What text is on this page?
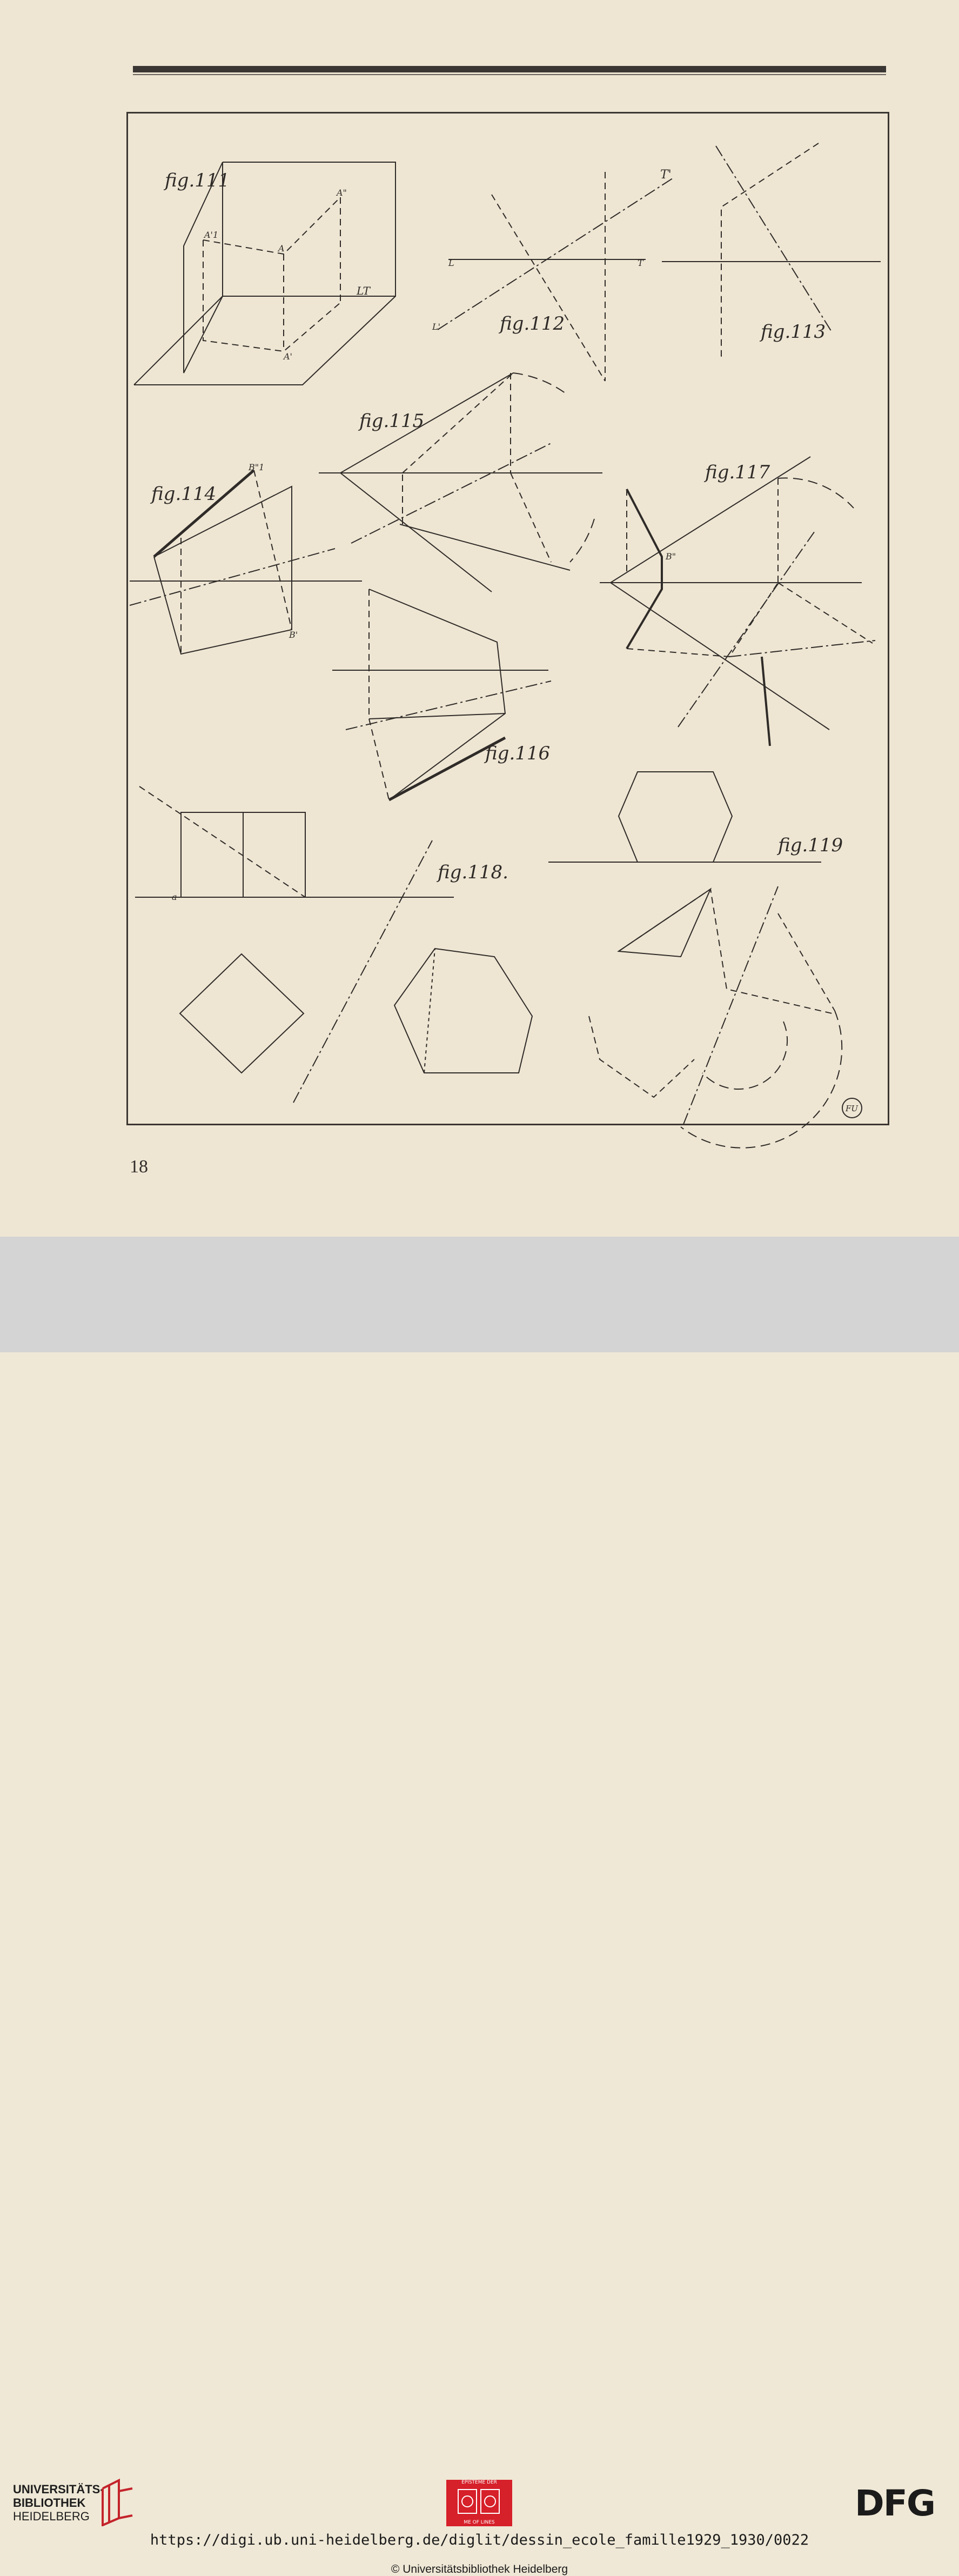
fig.111
fig.112	fig.113
fig.114
fig.115
fig.116
fig.117
fig.118.
fig.119
A"
A'1
A
A'
LT
L	T
T'
L'
B"1
B'
B"
a
FU
18
UNIVERSITÄTS-
BIBLIOTHEK
HEIDELBERG
EPISTEME DER
ME OF LINES	DFG
https://digi.ub.uni-heidelberg.de/diglit/dessin_ecole_famille1929_1930/0022
© Universitätsbibliothek Heidelberg
